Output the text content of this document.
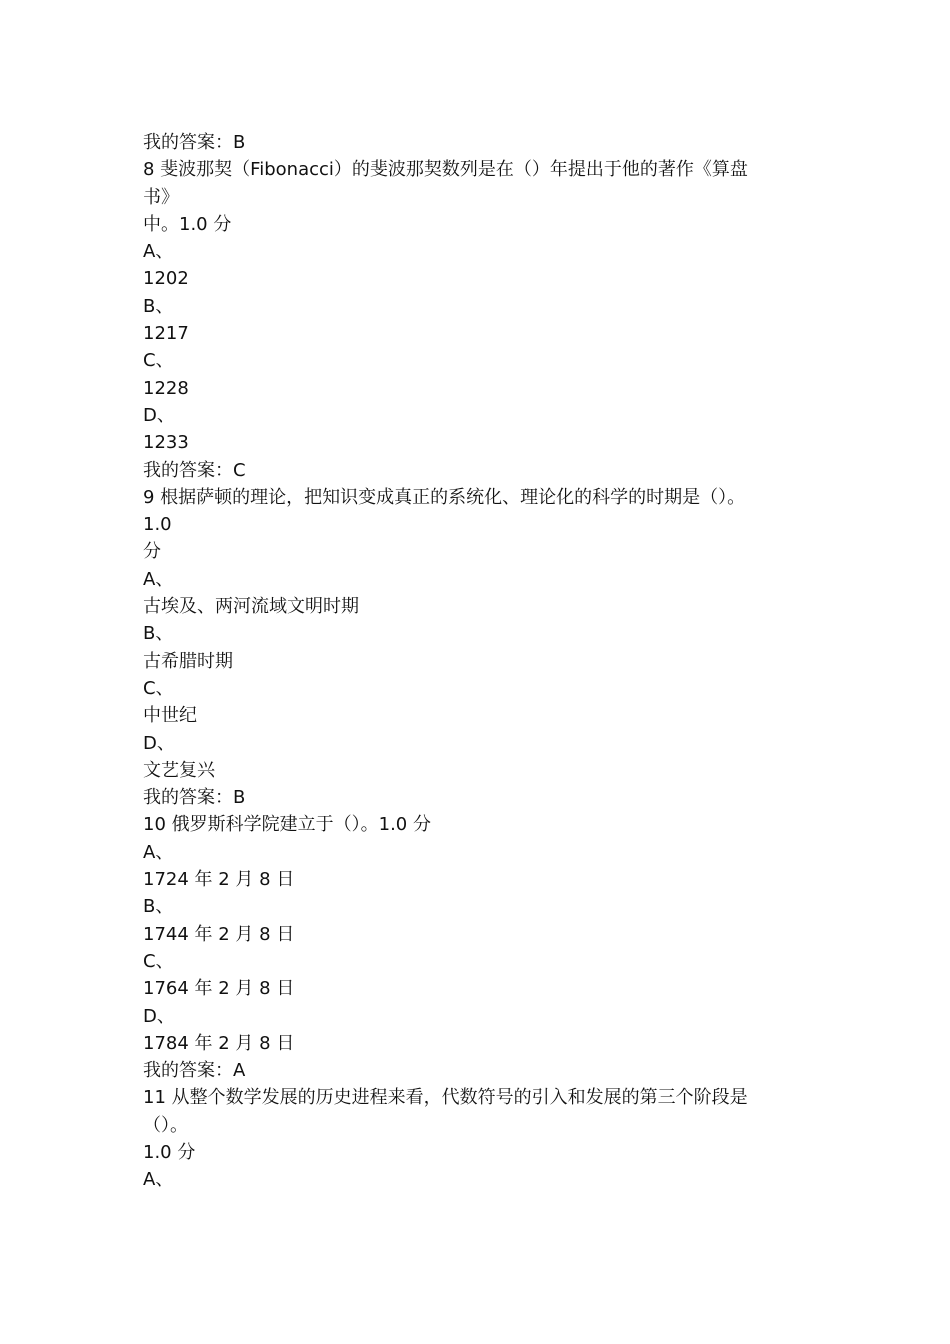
我的答案：B
8 斐波那契（Fibonacci）的斐波那契数列是在（）年提出于他的著作《算盘
书》
中。1.0 分
A、
1202
B、
1217
C、
1228
D、
1233
我的答案：C
9 根据萨顿的理论，把知识变成真正的系统化、理论化的科学的时期是（）。
1.0
分
A、
古埃及、两河流域文明时期
B、
古希腊时期
C、
中世纪
D、
文艺复兴
我的答案：B
10 俄罗斯科学院建立于（）。1.0 分
A、
1724 年 2 月 8 日
B、
1744 年 2 月 8 日
C、
1764 年 2 月 8 日
D、
1784 年 2 月 8 日
我的答案：A
11 从整个数学发展的历史进程来看，代数符号的引入和发展的第三个阶段是
（）。
1.0 分
A、
